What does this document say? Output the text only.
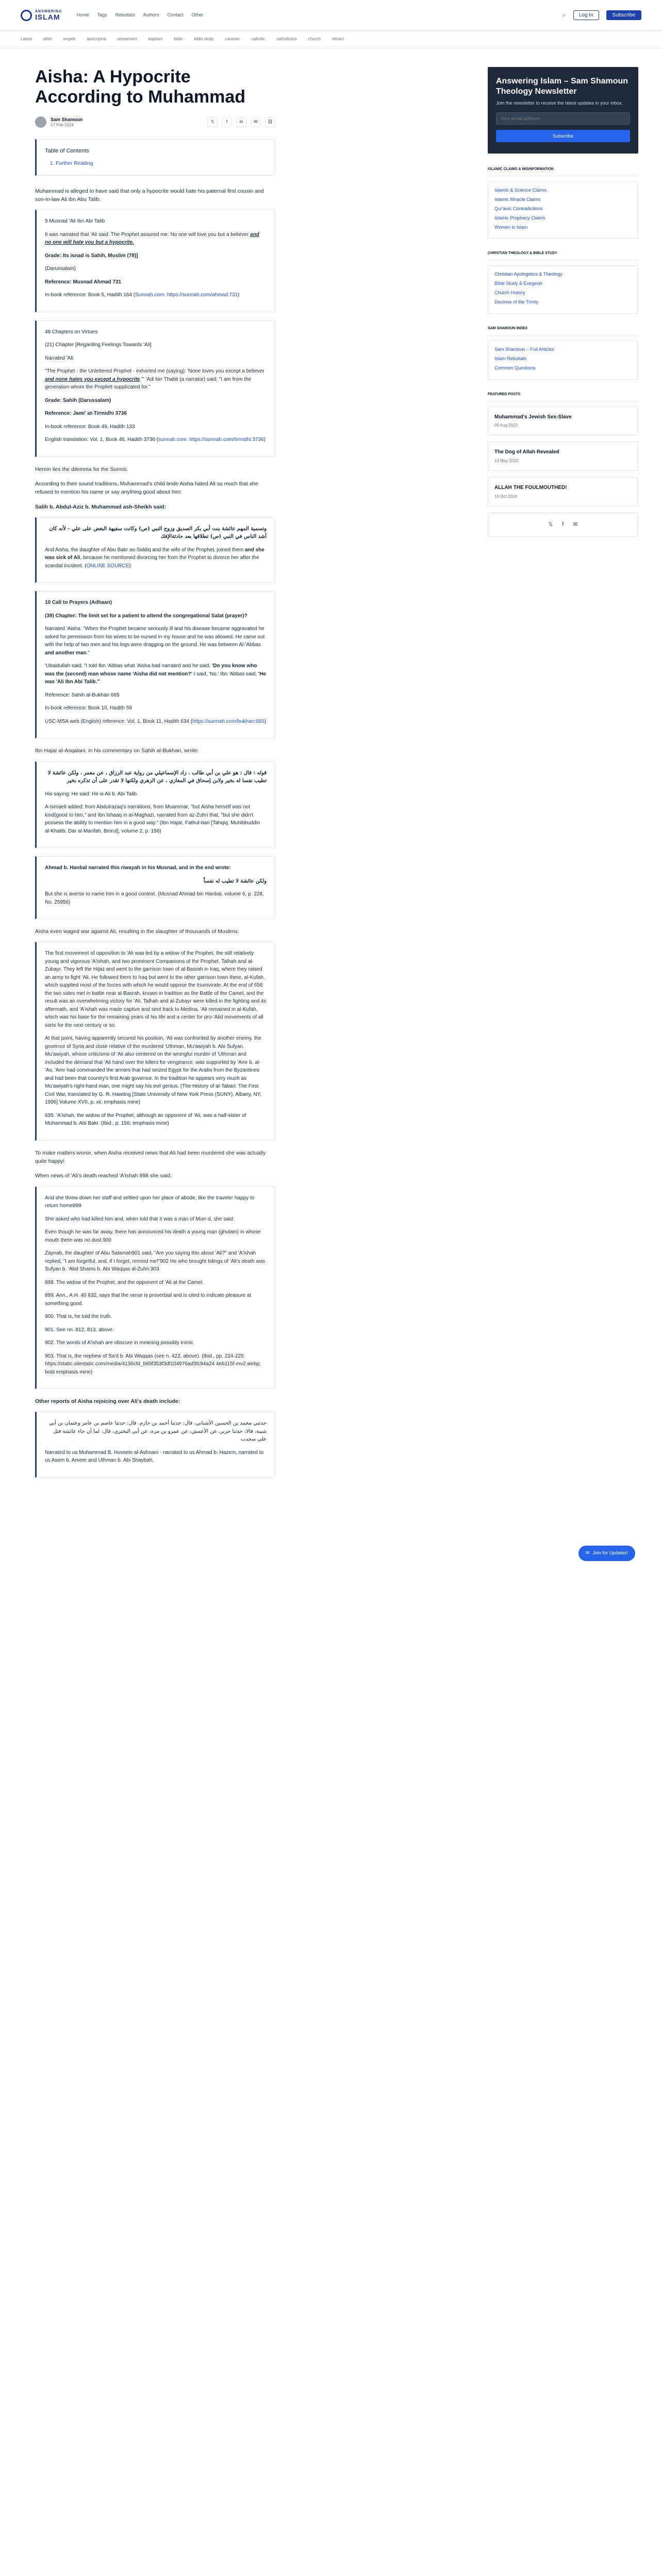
ANSWERING
ISLAM	Home Tags Rebuttals Authors Contact Other	⌕	Log In	Subscribe
Latest	allah	angels	apocrypha	atonement	baptism	bible	bible study	caravan	catholic	catholicism	church	retract
Aisha: A Hypocrite According to Muhammad
Sam Shamoun
17 Feb 2024
𝕏	f	in	✉	⛓
Table of Contents
1. Further Reading

Muhammad is alleged to have said that only a hypocrite would hate his paternal first cousin and son-in-law Ali ibn Abu Talib:

5 Musnad 'Ali Ibn Abi Talib

It was narrated that 'Ali said: The Prophet assured me: No one will love you but a believer and no one will hate you but a hypocrite.

Grade: Its isnad is Sahih, Muslim (78)]

(Darussalam)

Reference: Musnad Ahmad 731

In-book reference: Book 5, Hadith 164 (Sunnah.com: https://sunnah.com/ahmad:731)

49 Chapters on Virtues

(21) Chapter [Regarding Feelings Towards 'Ali]

Narrated 'Ali:

"The Prophet - the Unlettered Prophet - exhorted me (saying): 'None loves you except a believer and none hates you except a hypocrite.'" 'Adi bin Thabit (a narrator) said: "I am from the generation whom the Prophet supplicated for."

Grade: Sahih (Darussalam)

Reference: Jami' at-Tirmidhi 3736

In-book reference: Book 49, Hadith 133

English translation: Vol. 1, Book 46, Hadith 3736 (sunnah.com: https://sunnah.com/tirmidhi:3736)

Herein lies the dilemma for the Sunnis.

According to their sound traditions, Muhammad's child bride Aisha hated Ali so much that she refused to mention his name or say anything good about him:

Salih b. Abdul-Aziz b. Muhammad ash-Sheikh said:

وتسمية المهم عائشة بنت أبي بكر الصديق وزوج النبي (ص) وكانت سفيهة البغض على علي - لأنه كان أشد الناس في النبي (ص) تطلاقها بعد حادثةالإفك

And Aisha, the daughter of Abu Bakr as-Siddiq and the wife of the Prophet, joined them and she was sick of Ali, because he mentioned divorcing her from the Prophet to divorce her after the scandal incident. (ONLINE SOURCE)

10 Call to Prayers (Adhaan)

(39) Chapter: The limit set for a patient to attend the congregational Salat (prayer)?

Narrated 'Aisha: "When the Prophet became seriously ill and his disease became aggravated he asked for permission from his wives to be nursed in my house and he was allowed. He came out with the help of two men and his legs were dragging on the ground. He was between Al-'Abbas and another man."

'Ubaidullah said, "I told Ibn 'Abbas what 'Aisha had narrated and he said, 'Do you know who was the (second) man whose name 'Aisha did not mention?' I said, 'No.' Ibn 'Abbas said, 'He was 'Ali Ibn Abi Talib.'"

Reference: Sahih al-Bukhari 665

In-book reference: Book 10, Hadith 59

USC-MSA web (English) reference: Vol. 1, Book 11, Hadith 634 (https://sunnah.com/bukhari:665)

Ibn Hajar al-Asqalani, in his commentary on Sahih al-Bukhari, wrote:

قوله : قال : هو علي بن أبي طالب . زاد الإسماعيلي من رواية عبد الرزاق ، عن معمر ، ولكن عائشة لا تطيب نفسا له بخير ولابن إسحاق في المغازي ، عن الزهري ولكنها لا تقدر على أن تذكره بخير

His saying: He said: He is Ali b. Abi Talib.

A-Ismaeli added: from Abdulrazaq's narrations, from Muammar, "but Aisha herself was not kind(good to him," and Ibn Ishaaq in al-Maghazi, narrated from az-Zuhri that, "but she didn't possess the ability to mention him in a good way." (Ibn Hajar, Fathul-bari [Tahqiq: Muhibbuddin al-Khatib, Dar al-Marifah, Beirut], volume 2, p. 156)

Ahmad b. Hanbal narrated this riwayah in his Musnad, and in the end wrote:

ولكن عائشة لا تطيب له نفساً

But she is averse to name him in a good context. (Musnad Ahmad bin Hanbal, volume 6, p. 228, No. 25956)

Aisha even waged war against Ali, resulting in the slaughter of thousands of Muslims:

The first movement of opposition to 'Ali was led by a widow of the Prophet, the still relatively young and vigorous 'A'ishah, and two prominent Companions of the Prophet, Talhah and al-Zubayr. They left the Hijaz and went to the garrison town of al-Basrah in Iraq, where they raised an army to fight 'Ali. He followed them to Iraq but went to the other garrison town there, al-Kufah, which supplied most of the forces with which he would oppose the triumvirate. At the end of 656 the two sides met in battle near al-Basrah, known in tradition as the Battle of the Camel, and the result was an overwhelming victory for 'Ali. Talhah and al-Zubayr were killed in the fighting and its aftermath, and 'A'ishah was made captive and sent back to Medina. 'Ali remained in al-Kufah, which was his base for the remaining years of his life and a center for pro-'Alid movements of all sorts for the next century or so.

At that point, having apparently secured his position, 'Ali was confronted by another enemy, the governor of Syria and close relative of the murdered 'Uthman, Mu'awiyah b. Abi Sufyan. Mu'awiyah, whose criticisms of 'Ali also centered on the wrongful murder of 'Uthman and included the demand that 'Ali hand over the killers for vengeance, was supported by 'Amr b. al-'As, 'Amr had commanded the armies that had seized Egypt for the Arabs from the Byzantines and had been that country's first Arab governor. In the tradition he appears very much as Mu'awiyah's right-hand man, one might say his evil genius. (The History of al-Tabari: The First Civil War, translated by G. R. Hawting [State University of New York Press (SUNY), Albany, NY, 1996] Volume XVII, p. xii; emphasis mine)

635. 'A'ishah, the widow of the Prophet, although an opponent of 'Ali, was a half-sister of Muhammad b. Abi Bakr. (Ibid., p. 156; emphasis mine)

To make matters worse, when Aisha received news that Ali had been murdered she was actually quite happy!

When news of 'Ali's death reached 'A'ishah 898 she said:

And she threw down her staff and settled upon her place of abode, like the traveler happy to return home899

She asked who had killed him and, when told that it was a man of Murr-d, she said:

Even though he was far away, there has announced his death a young man (ghulam) in whose mouth there was no dust.900

Zaynab, the daughter of Abu Salamah901 said, "Are you saying this about 'Ali?" and 'A'ishah replied, "I am forgetful, and, if I forget, remind me!"902 He who brought tidings of 'Ali's death was Sufyan b. 'Abd Shams b. Abi Waqqas al-Zuhri.903

898. The widow of the Prophet, and the opponent of 'Ali at the Camel.

899. Ann., A.H. 40 §32, says that the verse is proverbial and is cited to indicate pleasure at something good.

900. That is, he told the truth.

901. See nn. 812, 813, above.

902. The words of A'ishah are obscure in meaning possibly ironic.

903. That is, the nephew of Sa'd b. Abi Waqqas (see n. 422, above). (Ibid., pp. 224-225: https://static.sitestatic.com/media/4136cfd_b69f353f3df104976ad5fc94a24 4eb115f-mv2.webp; bold emphasis mine)

Other reports of Aisha rejoicing over Ali's death include:

حدثني محمد بن الحسين الأشناني، قال: حدثنا أحمد بن حازم، قال: حدثنا عاصم بن عامر وعثمان بن أبي شيبة، قالا: حدثنا جرير، عن الأعمش، عن عمرو بن مرة، عن أبي البختري، قال: لما أن جاء عائشة قتل علي سجدت

Narrated to us Muhammad B. Hussein al-Ashnani - narrated to us Ahmad b. Hazem, narrated to us Asem b. Ameer and Uthman b. Abi Shaybah,

Answering Islam – Sam Shamoun Theology Newsletter
Join the newsletter to receive the latest updates in your inbox.
Your email address Subscribe
ISLAMIC CLAIMS & MISINFORMATION
Islamic & Science Claims
Islamic Miracle Claims
Qur'anic Contradictions
Islamic Prophecy Claims
Women in Islam
CHRISTIAN THEOLOGY & BIBLE STUDY
Christian Apologetics & Theology
Bible Study & Exegesis
Church History
Doctrine of the Trinity
SAM SHAMOUN INDEX
Sam Shamoun – Full Articles
Islam Rebuttals
Common Questions
FEATURED POSTS
Muhammad's Jewish Sex-Slave
09 Aug 2023
The Dog of Allah Revealed
13 May 2023
ALLAH THE FOULMOUTHED!
19 Oct 2024
𝕏 f ✉
✉ Join for Updates!
